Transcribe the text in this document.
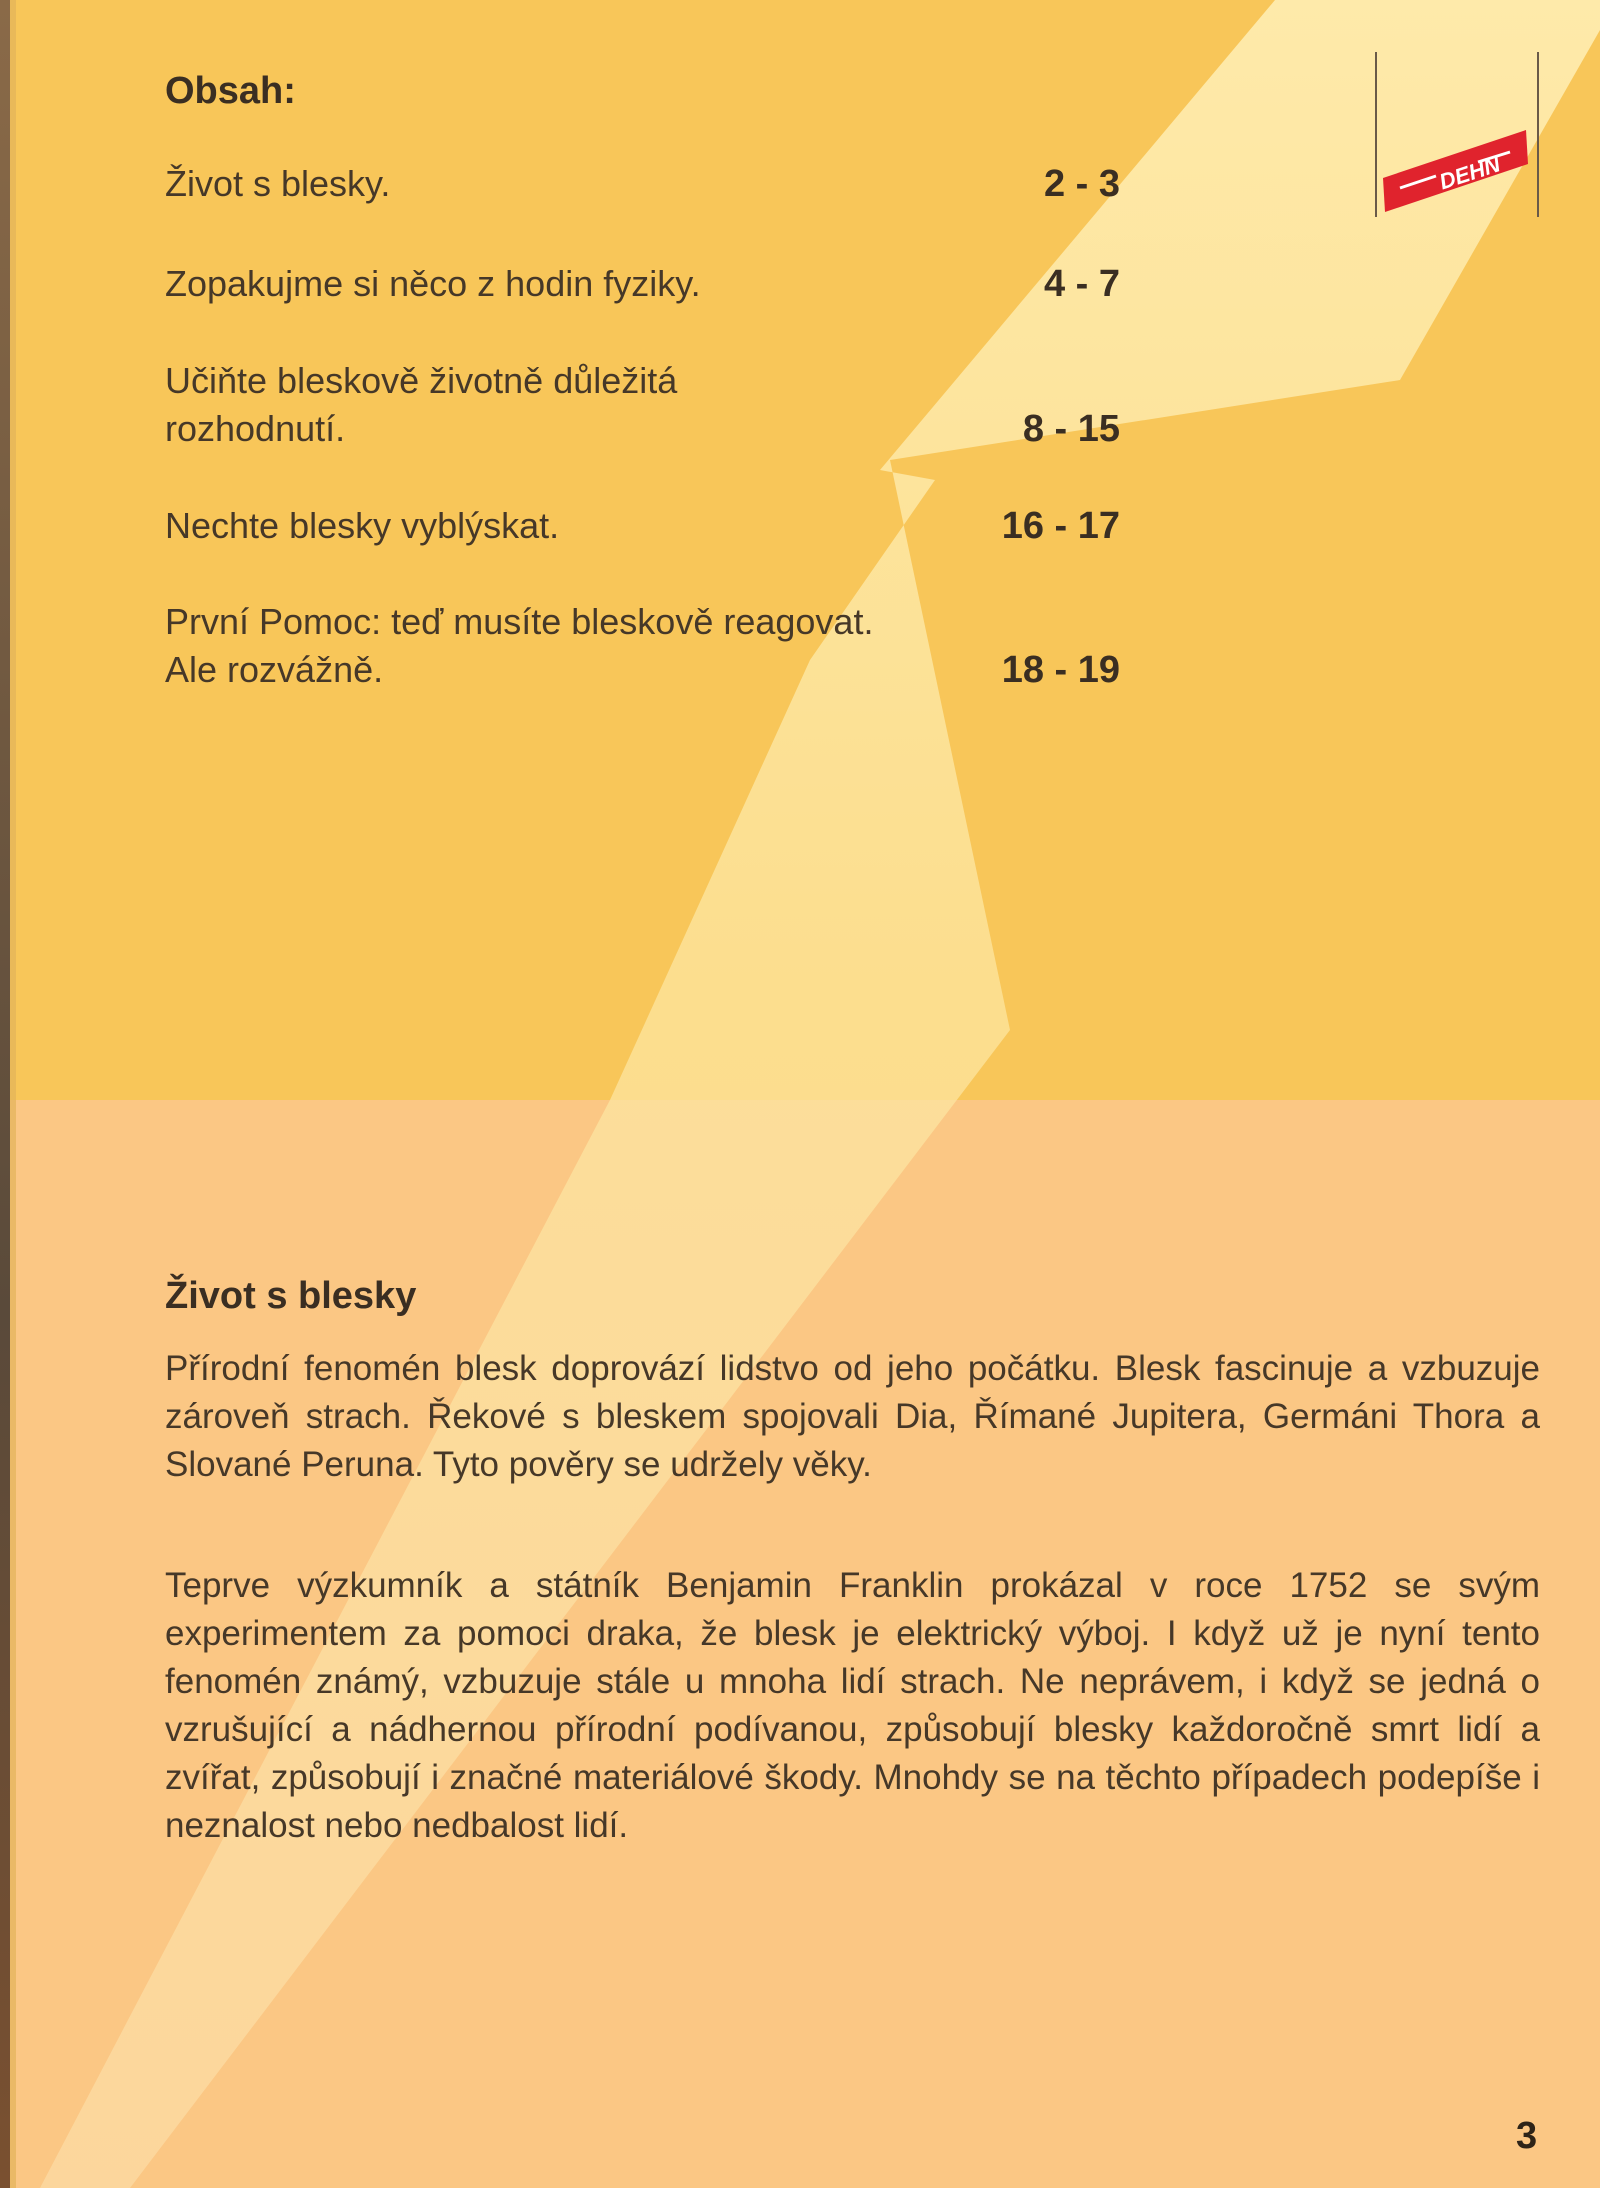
DEHN
Obsah:
Život s blesky.	2 - 3
Zopakujme si něco z hodin fyziky.	4 - 7
Učiňte bleskově životně důležitá
rozhodnutí.	8 - 15
Nechte blesky vyblýskat.	16 - 17
První Pomoc: teď musíte bleskově reagovat.
Ale rozvážně.	18 - 19
Život s blesky

Přírodní fenomén blesk doprovází lidstvo od jeho počátku. Blesk fascinuje a vzbuzuje zároveň strach. Řekové s bleskem spojovali Dia, Římané Jupitera, Germáni Thora a Slované Peruna. Tyto pověry se udržely věky.

Teprve výzkumník a státník Benjamin Franklin prokázal v roce 1752 se svým experimentem za pomoci draka, že blesk je elektrický výboj. I když už je nyní tento fenomén známý, vzbuzuje stále u mnoha lidí strach. Ne neprávem, i když se jedná o vzrušující a nádhernou přírodní podívanou, způsobují blesky každoročně smrt lidí a zvířat, způsobují i značné materiálové škody. Mnohdy se na těchto případech podepíše i neznalost nebo nedbalost lidí.

3
